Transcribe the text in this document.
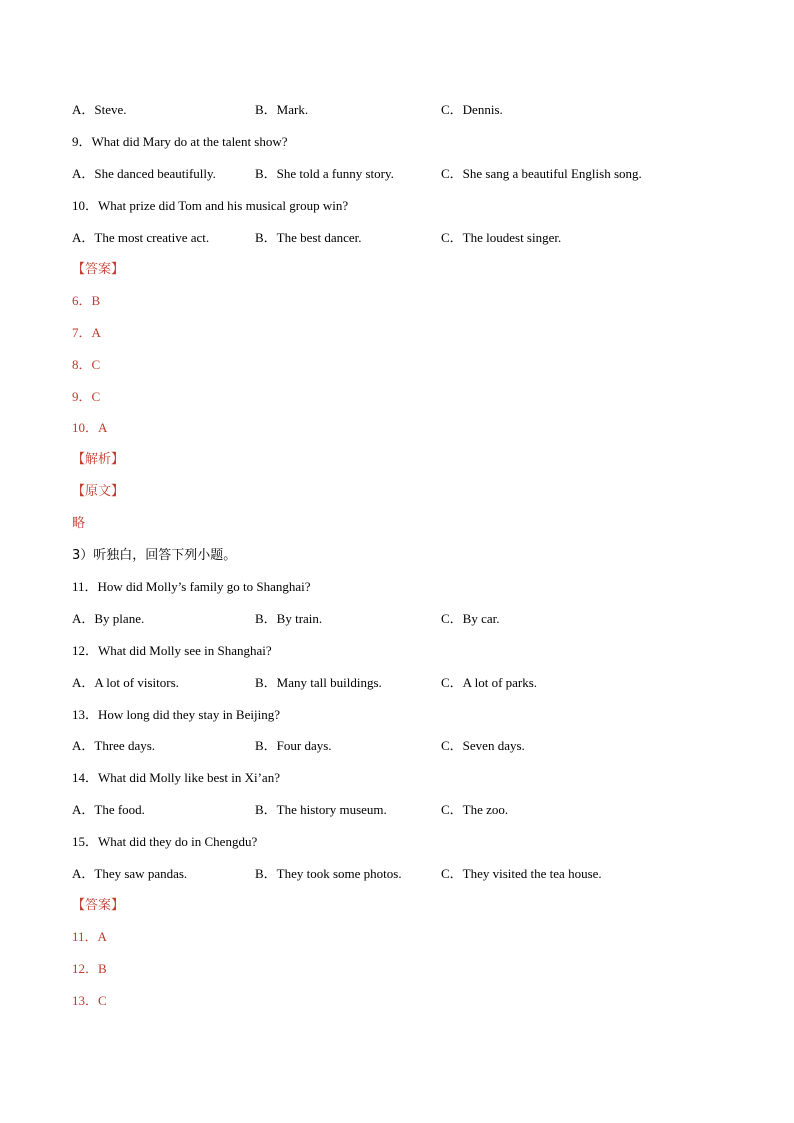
A．Steve.	B．Mark.	C．Dennis.
9．What did Mary do at the talent show?
A．She danced beautifully.	B．She told a funny story.	C．She sang a beautiful English song.
10．What prize did Tom and his musical group win?
A．The most creative act.	B．The best dancer.	C．The loudest singer.
【答案】
6．B
7．A
8．C
9．C
10．A
【解析】
【原文】
略
3）听独白，回答下列小题。
11．How did Molly’s family go to Shanghai?
A．By plane.	B．By train.	C．By car.
12．What did Molly see in Shanghai?
A．A lot of visitors.	B．Many tall buildings.	C．A lot of parks.
13．How long did they stay in Beijing?
A．Three days.	B．Four days.	C．Seven days.
14．What did Molly like best in Xi’an?
A．The food.	B．The history museum.	C．The zoo.
15．What did they do in Chengdu?
A．They saw pandas.	B．They took some photos.	C．They visited the tea house.
【答案】
11．A
12．B
13．C
